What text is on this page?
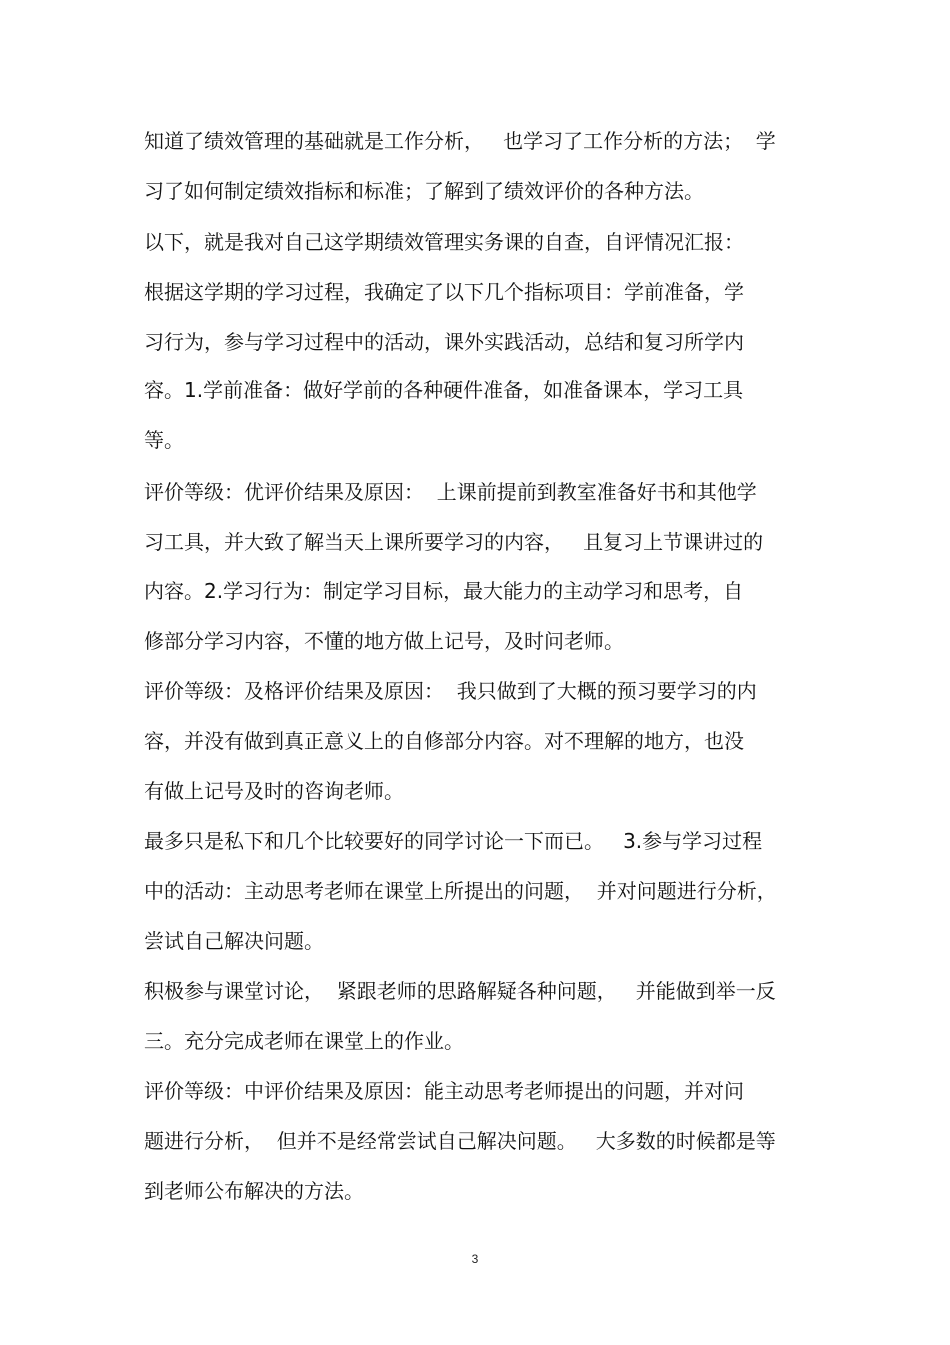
知道了绩效管理的基础就是工作分析，   也学习了工作分析的方法；  学
习了如何制定绩效指标和标准；了解到了绩效评价的各种方法。
以下，就是我对自己这学期绩效管理实务课的自查，自评情况汇报：
根据这学期的学习过程，我确定了以下几个指标项目：学前准备，学
习行为，参与学习过程中的活动，课外实践活动，总结和复习所学内
容。1.学前准备：做好学前的各种硬件准备，如准备课本，学习工具
等。
评价等级：优评价结果及原因：  上课前提前到教室准备好书和其他学
习工具，并大致了解当天上课所要学习的内容，   且复习上节课讲过的
内容。2.学习行为：制定学习目标，最大能力的主动学习和思考，自
修部分学习内容，不懂的地方做上记号，及时问老师。
评价等级：及格评价结果及原因：  我只做到了大概的预习要学习的内
容，并没有做到真正意义上的自修部分内容。对不理解的地方，也没
有做上记号及时的咨询老师。
最多只是私下和几个比较要好的同学讨论一下而已。   3.参与学习过程
中的活动：主动思考老师在课堂上所提出的问题，  并对问题进行分析，
尝试自己解决问题。
积极参与课堂讨论，  紧跟老师的思路解疑各种问题，   并能做到举一反
三。充分完成老师在课堂上的作业。
评价等级：中评价结果及原因：能主动思考老师提出的问题，并对问
题进行分析，  但并不是经常尝试自己解决问题。   大多数的时候都是等
到老师公布解决的方法。
3
